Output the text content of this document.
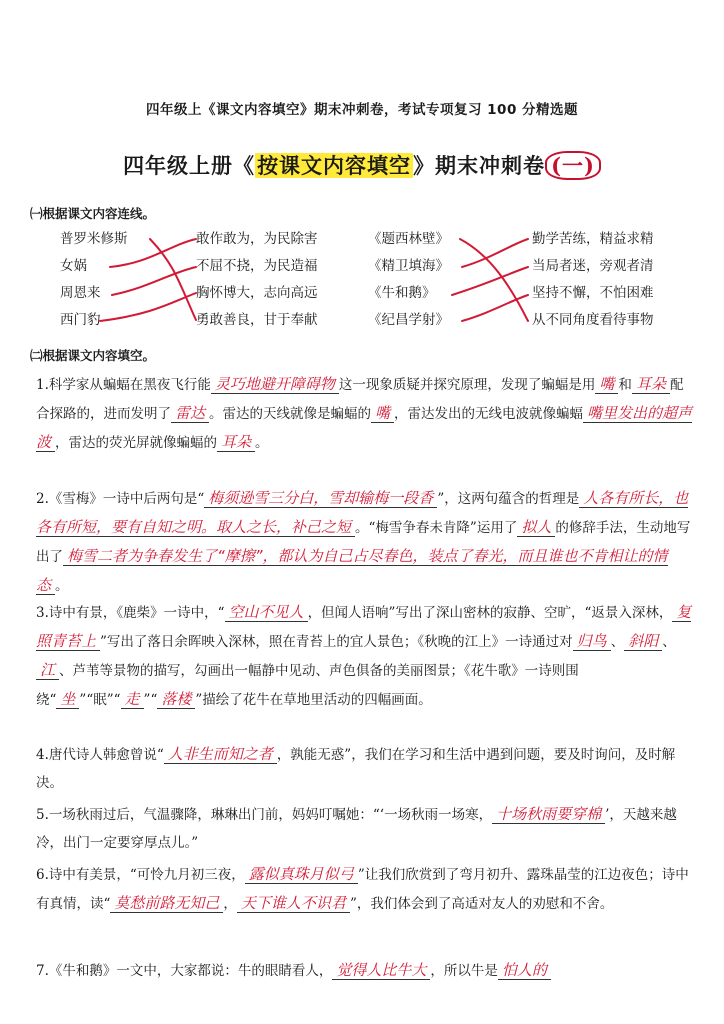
四年级上《课文内容填空》期末冲刺卷，考试专项复习 100 分精选题
四年级上册《按课文内容填空》期末冲刺卷 (一)
㈠根据课文内容连线。
普罗米修斯
女娲
周恩来
西门豹
敢作敢为，为民除害
不屈不挠，为民造福
胸怀博大，志向高远
勇敢善良，甘于奉献
《题西林壁》
《精卫填海》
《牛和鹅》
《纪昌学射》
勤学苦练，精益求精
当局者迷，旁观者清
坚持不懈，不怕困难
从不同角度看待事物
㈡根据课文内容填空。
1.科学家从蝙蝠在黑夜飞行能 灵巧地避开障碍物 这一现象质疑并探究原理，发现了蝙蝠是用 嘴 和 耳朵 配合探路的，进而发明了 雷达 。雷达的天线就像是蝙蝠的 嘴 ，雷达发出的无线电波就像蝙蝠 嘴里发出的超声波 ，雷达的荧光屏就像蝙蝠的 耳朵 。
2.《雪梅》一诗中后两句是“ 梅须逊雪三分白，雪却输梅一段香 ”，这两句蕴含的哲理是 人各有所长，也各有所短，要有自知之明。取人之长，补己之短 。“梅雪争春未肯降”运用了 拟人 的修辞手法，生动地写出了 梅雪二者为争春发生了“摩擦”，都认为自己占尽春色，装点了春光，而且谁也不肯相让的情态 。
3.诗中有景，《鹿柴》一诗中，“ 空山不见人 ，但闻人语响”写出了深山密林的寂静、空旷，“返景入深林， 复照青苔上 ”写出了落日余晖映入深林，照在青苔上的宜人景色；《秋晚的江上》一诗通过对 归鸟 、 斜阳 、江 、芦苇等景物的描写，勾画出一幅静中见动、声色俱备的美丽图景；《花牛歌》一诗则围绕“ 坐 ”“眠”“ 走 ”“ 落楼 ”描绘了花牛在草地里活动的四幅画面。
4.唐代诗人韩愈曾说“ 人非生而知之者 ，孰能无惑”，我们在学习和生活中遇到问题，要及时询问，及时解决。
5.一场秋雨过后，气温骤降，琳琳出门前，妈妈叮嘱她：“‘一场秋雨一场寒， 十场秋雨要穿棉 ’，天越来越冷，出门一定要穿厚点儿。”
6.诗中有美景，“可怜九月初三夜， 露似真珠月似弓 ”让我们欣赏到了弯月初升、露珠晶莹的江边夜色；诗中有真情，读“ 莫愁前路无知己 ， 天下谁人不识君 ”，我们体会到了高适对友人的劝慰和不舍。
7.《牛和鹅》一文中，大家都说：牛的眼睛看人， 觉得人比牛大 ，所以牛是 怕人的
